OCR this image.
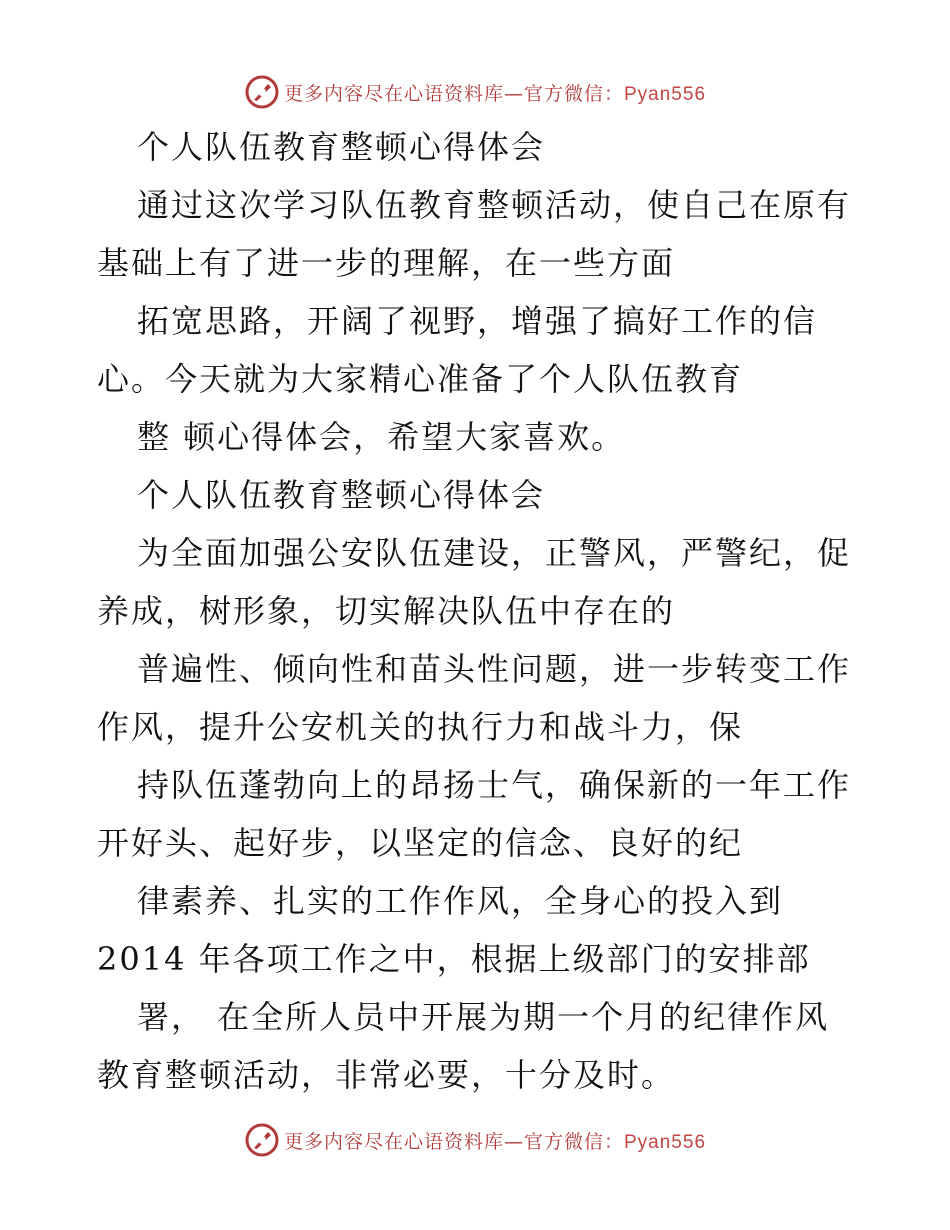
更多内容尽在心语资料库—官方微信：Pyan556
个人队伍教育整顿心得体会
通过这次学习队伍教育整顿活动，使自己在原有
基础上有了进一步的理解，在一些方面
拓宽思路，开阔了视野，增强了搞好工作的信
心。今天就为大家精心准备了个人队伍教育
整 顿心得体会，希望大家喜欢。
个人队伍教育整顿心得体会
为全面加强公安队伍建设，正警风，严警纪，促
养成，树形象，切实解决队伍中存在的
普遍性、倾向性和苗头性问题，进一步转变工作
作风，提升公安机关的执行力和战斗力，保
持队伍蓬勃向上的昂扬士气，确保新的一年工作
开好头、起好步，以坚定的信念、良好的纪
律素养、扎实的工作作风，全身心的投入到
2014 年各项工作之中，根据上级部门的安排部
署， 在全所人员中开展为期一个月的纪律作风
教育整顿活动，非常必要，十分及时。
更多内容尽在心语资料库—官方微信：Pyan556
